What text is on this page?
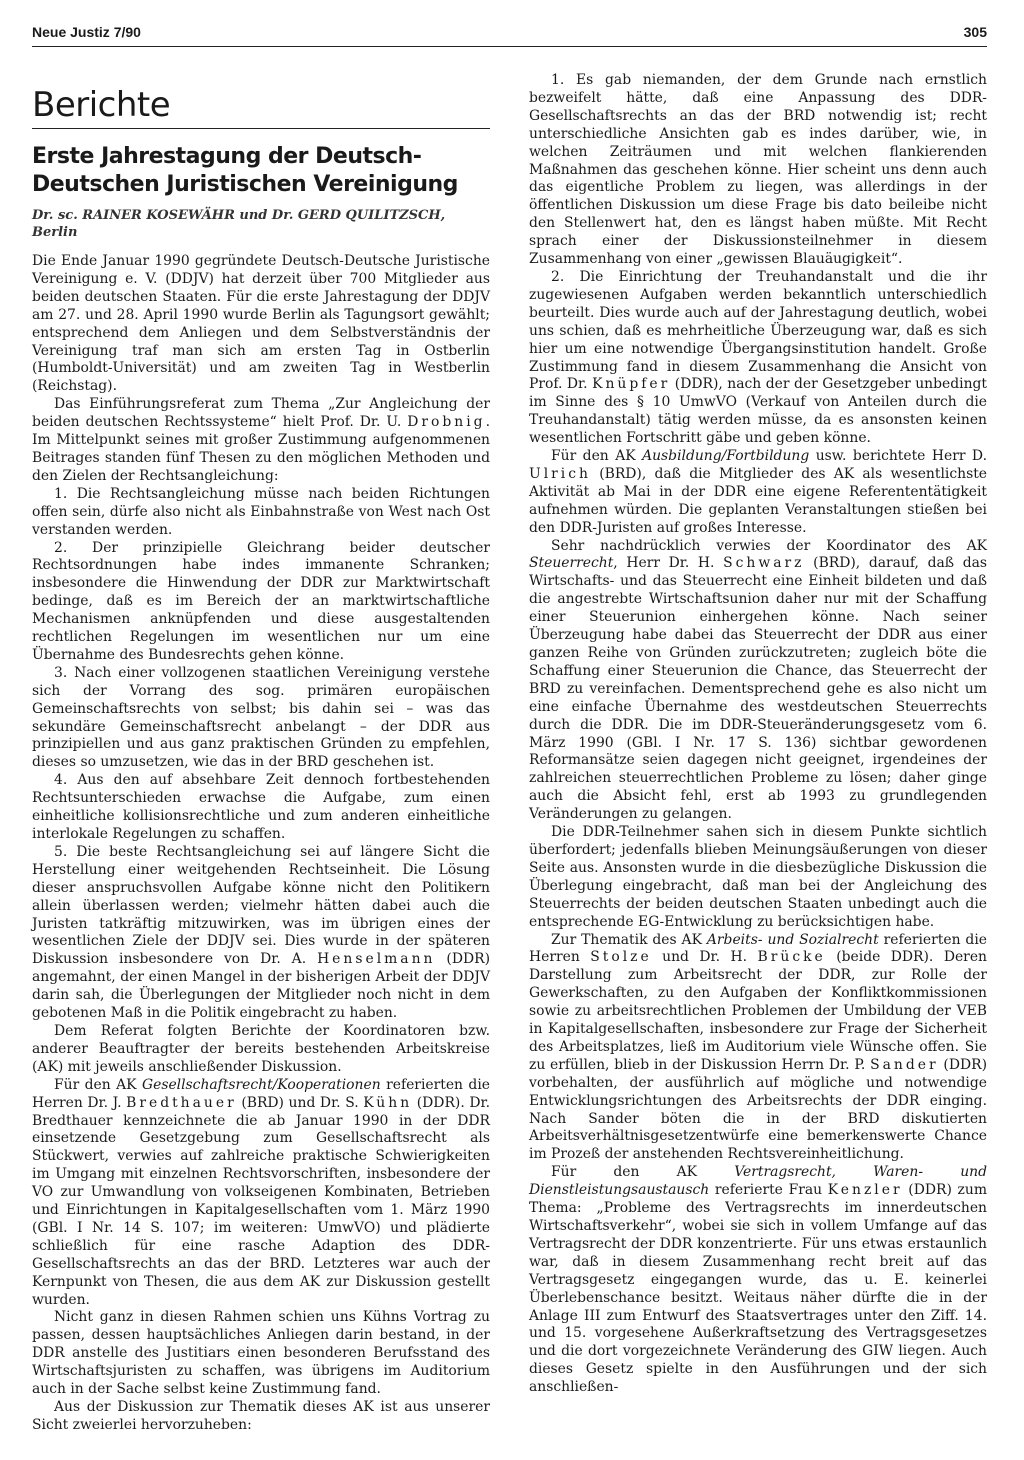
Neue Justiz 7/90	305
Berichte
Erste Jahrestagung der Deutsch-Deutschen Juristischen Vereinigung
Dr. sc. RAINER KOSEWÄHR und Dr. GERD QUILITZSCH, Berlin

Die Ende Januar 1990 gegründete Deutsch-Deutsche Juristische Vereinigung e. V. (DDJV) hat derzeit über 700 Mitglieder aus beiden deutschen Staaten. Für die erste Jahrestagung der DDJV am 27. und 28. April 1990 wurde Berlin als Tagungsort gewählt; entsprechend dem Anliegen und dem Selbstverständnis der Vereinigung traf man sich am ersten Tag in Ostberlin (Humboldt-Universität) und am zweiten Tag in Westberlin (Reichstag).

Das Einführungsreferat zum Thema „Zur Angleichung der beiden deutschen Rechtssysteme“ hielt Prof. Dr. U. Drobnig. Im Mittelpunkt seines mit großer Zustimmung aufgenommenen Beitrages standen fünf Thesen zu den möglichen Methoden und den Zielen der Rechtsangleichung:

1. Die Rechtsangleichung müsse nach beiden Richtungen offen sein, dürfe also nicht als Einbahnstraße von West nach Ost verstanden werden.

2. Der prinzipielle Gleichrang beider deutscher Rechtsordnungen habe indes immanente Schranken; insbesondere die Hinwendung der DDR zur Marktwirtschaft bedinge, daß es im Bereich der an marktwirtschaftliche Mechanismen anknüpfenden und diese ausgestaltenden rechtlichen Regelungen im wesentlichen nur um eine Übernahme des Bundesrechts gehen könne.

3. Nach einer vollzogenen staatlichen Vereinigung verstehe sich der Vorrang des sog. primären europäischen Gemeinschaftsrechts von selbst; bis dahin sei – was das sekundäre Gemeinschaftsrecht anbelangt – der DDR aus prinzipiellen und aus ganz praktischen Gründen zu empfehlen, dieses so umzusetzen, wie das in der BRD geschehen ist.

4. Aus den auf absehbare Zeit dennoch fortbestehenden Rechtsunterschieden erwachse die Aufgabe, zum einen einheitliche kollisionsrechtliche und zum anderen einheitliche interlokale Regelungen zu schaffen.

5. Die beste Rechtsangleichung sei auf längere Sicht die Herstellung einer weitgehenden Rechtseinheit. Die Lösung dieser anspruchsvollen Aufgabe könne nicht den Politikern allein überlassen werden; vielmehr hätten dabei auch die Juristen tatkräftig mitzuwirken, was im übrigen eines der wesentlichen Ziele der DDJV sei. Dies wurde in der späteren Diskussion insbesondere von Dr. A. Henselmann (DDR) angemahnt, der einen Mangel in der bisherigen Arbeit der DDJV darin sah, die Überlegungen der Mitglieder noch nicht in dem gebotenen Maß in die Politik eingebracht zu haben.

Dem Referat folgten Berichte der Koordinatoren bzw. anderer Beauftragter der bereits bestehenden Arbeitskreise (AK) mit jeweils anschließender Diskussion.

Für den AK Gesellschaftsrecht/Kooperationen referierten die Herren Dr. J. Bredthauer (BRD) und Dr. S. Kühn (DDR). Dr. Bredthauer kennzeichnete die ab Januar 1990 in der DDR einsetzende Gesetzgebung zum Gesellschaftsrecht als Stückwert, verwies auf zahlreiche praktische Schwierigkeiten im Umgang mit einzelnen Rechtsvorschriften, insbesondere der VO zur Umwandlung von volkseigenen Kombinaten, Betrieben und Einrichtungen in Kapitalgesellschaften vom 1. März 1990 (GBl. I Nr. 14 S. 107; im weiteren: UmwVO) und plädierte schließlich für eine rasche Adaption des DDR-Gesellschaftsrechts an das der BRD. Letzteres war auch der Kernpunkt von Thesen, die aus dem AK zur Diskussion gestellt wurden.

Nicht ganz in diesen Rahmen schien uns Kühns Vortrag zu passen, dessen hauptsächliches Anliegen darin bestand, in der DDR anstelle des Justitiars einen besonderen Berufsstand des Wirtschaftsjuristen zu schaffen, was übrigens im Auditorium auch in der Sache selbst keine Zustimmung fand.

Aus der Diskussion zur Thematik dieses AK ist aus unserer Sicht zweierlei hervorzuheben:

1. Es gab niemanden, der dem Grunde nach ernstlich bezweifelt hätte, daß eine Anpassung des DDR-Gesellschaftsrechts an das der BRD notwendig ist; recht unterschiedliche Ansichten gab es indes darüber, wie, in welchen Zeiträumen und mit welchen flankierenden Maßnahmen das geschehen könne. Hier scheint uns denn auch das eigentliche Problem zu liegen, was allerdings in der öffentlichen Diskussion um diese Frage bis dato beileibe nicht den Stellenwert hat, den es längst haben müßte. Mit Recht sprach einer der Diskussionsteilnehmer in diesem Zusammenhang von einer „gewissen Blauäugigkeit“.

2. Die Einrichtung der Treuhandanstalt und die ihr zugewiesenen Aufgaben werden bekanntlich unterschiedlich beurteilt. Dies wurde auch auf der Jahrestagung deutlich, wobei uns schien, daß es mehrheitliche Überzeugung war, daß es sich hier um eine notwendige Übergangsinstitution handelt. Große Zustimmung fand in diesem Zusammenhang die Ansicht von Prof. Dr. Knüpfer (DDR), nach der der Gesetzgeber unbedingt im Sinne des § 10 UmwVO (Verkauf von Anteilen durch die Treuhandanstalt) tätig werden müsse, da es ansonsten keinen wesentlichen Fortschritt gäbe und geben könne.

Für den AK Ausbildung/Fortbildung usw. berichtete Herr D. Ulrich (BRD), daß die Mitglieder des AK als wesentlichste Aktivität ab Mai in der DDR eine eigene Referententätigkeit aufnehmen würden. Die geplanten Veranstaltungen stießen bei den DDR-Juristen auf großes Interesse.

Sehr nachdrücklich verwies der Koordinator des AK Steuerrecht, Herr Dr. H. Schwarz (BRD), darauf, daß das Wirtschafts- und das Steuerrecht eine Einheit bildeten und daß die angestrebte Wirtschaftsunion daher nur mit der Schaffung einer Steuerunion einhergehen könne. Nach seiner Überzeugung habe dabei das Steuerrecht der DDR aus einer ganzen Reihe von Gründen zurückzutreten; zugleich böte die Schaffung einer Steuerunion die Chance, das Steuerrecht der BRD zu vereinfachen. Dementsprechend gehe es also nicht um eine einfache Übernahme des westdeutschen Steuerrechts durch die DDR. Die im DDR-Steueränderungsgesetz vom 6. März 1990 (GBl. I Nr. 17 S. 136) sichtbar gewordenen Reformansätze seien dagegen nicht geeignet, irgendeines der zahlreichen steuerrechtlichen Probleme zu lösen; daher ginge auch die Absicht fehl, erst ab 1993 zu grundlegenden Veränderungen zu gelangen.

Die DDR-Teilnehmer sahen sich in diesem Punkte sichtlich überfordert; jedenfalls blieben Meinungsäußerungen von dieser Seite aus. Ansonsten wurde in die diesbezügliche Diskussion die Überlegung eingebracht, daß man bei der Angleichung des Steuerrechts der beiden deutschen Staaten unbedingt auch die entsprechende EG-Entwicklung zu berücksichtigen habe.

Zur Thematik des AK Arbeits- und Sozialrecht referierten die Herren Stolze und Dr. H. Brücke (beide DDR). Deren Darstellung zum Arbeitsrecht der DDR, zur Rolle der Gewerkschaften, zu den Aufgaben der Konfliktkommissionen sowie zu arbeitsrechtlichen Problemen der Umbildung der VEB in Kapitalgesellschaften, insbesondere zur Frage der Sicherheit des Arbeitsplatzes, ließ im Auditorium viele Wünsche offen. Sie zu erfüllen, blieb in der Diskussion Herrn Dr. P. Sander (DDR) vorbehalten, der ausführlich auf mögliche und notwendige Entwicklungsrichtungen des Arbeitsrechts der DDR einging. Nach Sander böten die in der BRD diskutierten Arbeitsverhältnisgesetzentwürfe eine bemerkenswerte Chance im Prozeß der anstehenden Rechtsvereinheitlichung.

Für den AK Vertragsrecht, Waren- und Dienstleistungsaustausch referierte Frau Kenzler (DDR) zum Thema: „Probleme des Vertragsrechts im innerdeutschen Wirtschaftsverkehr“, wobei sie sich in vollem Umfange auf das Vertragsrecht der DDR konzentrierte. Für uns etwas erstaunlich war, daß in diesem Zusammenhang recht breit auf das Vertragsgesetz eingegangen wurde, das u. E. keinerlei Überlebenschance besitzt. Weitaus näher dürfte die in der Anlage III zum Entwurf des Staatsvertrages unter den Ziff. 14. und 15. vorgesehene Außerkraftsetzung des Vertragsgesetzes und die dort vorgezeichnete Veränderung des GIW liegen. Auch dieses Gesetz spielte in den Ausführungen und der sich anschließen-
